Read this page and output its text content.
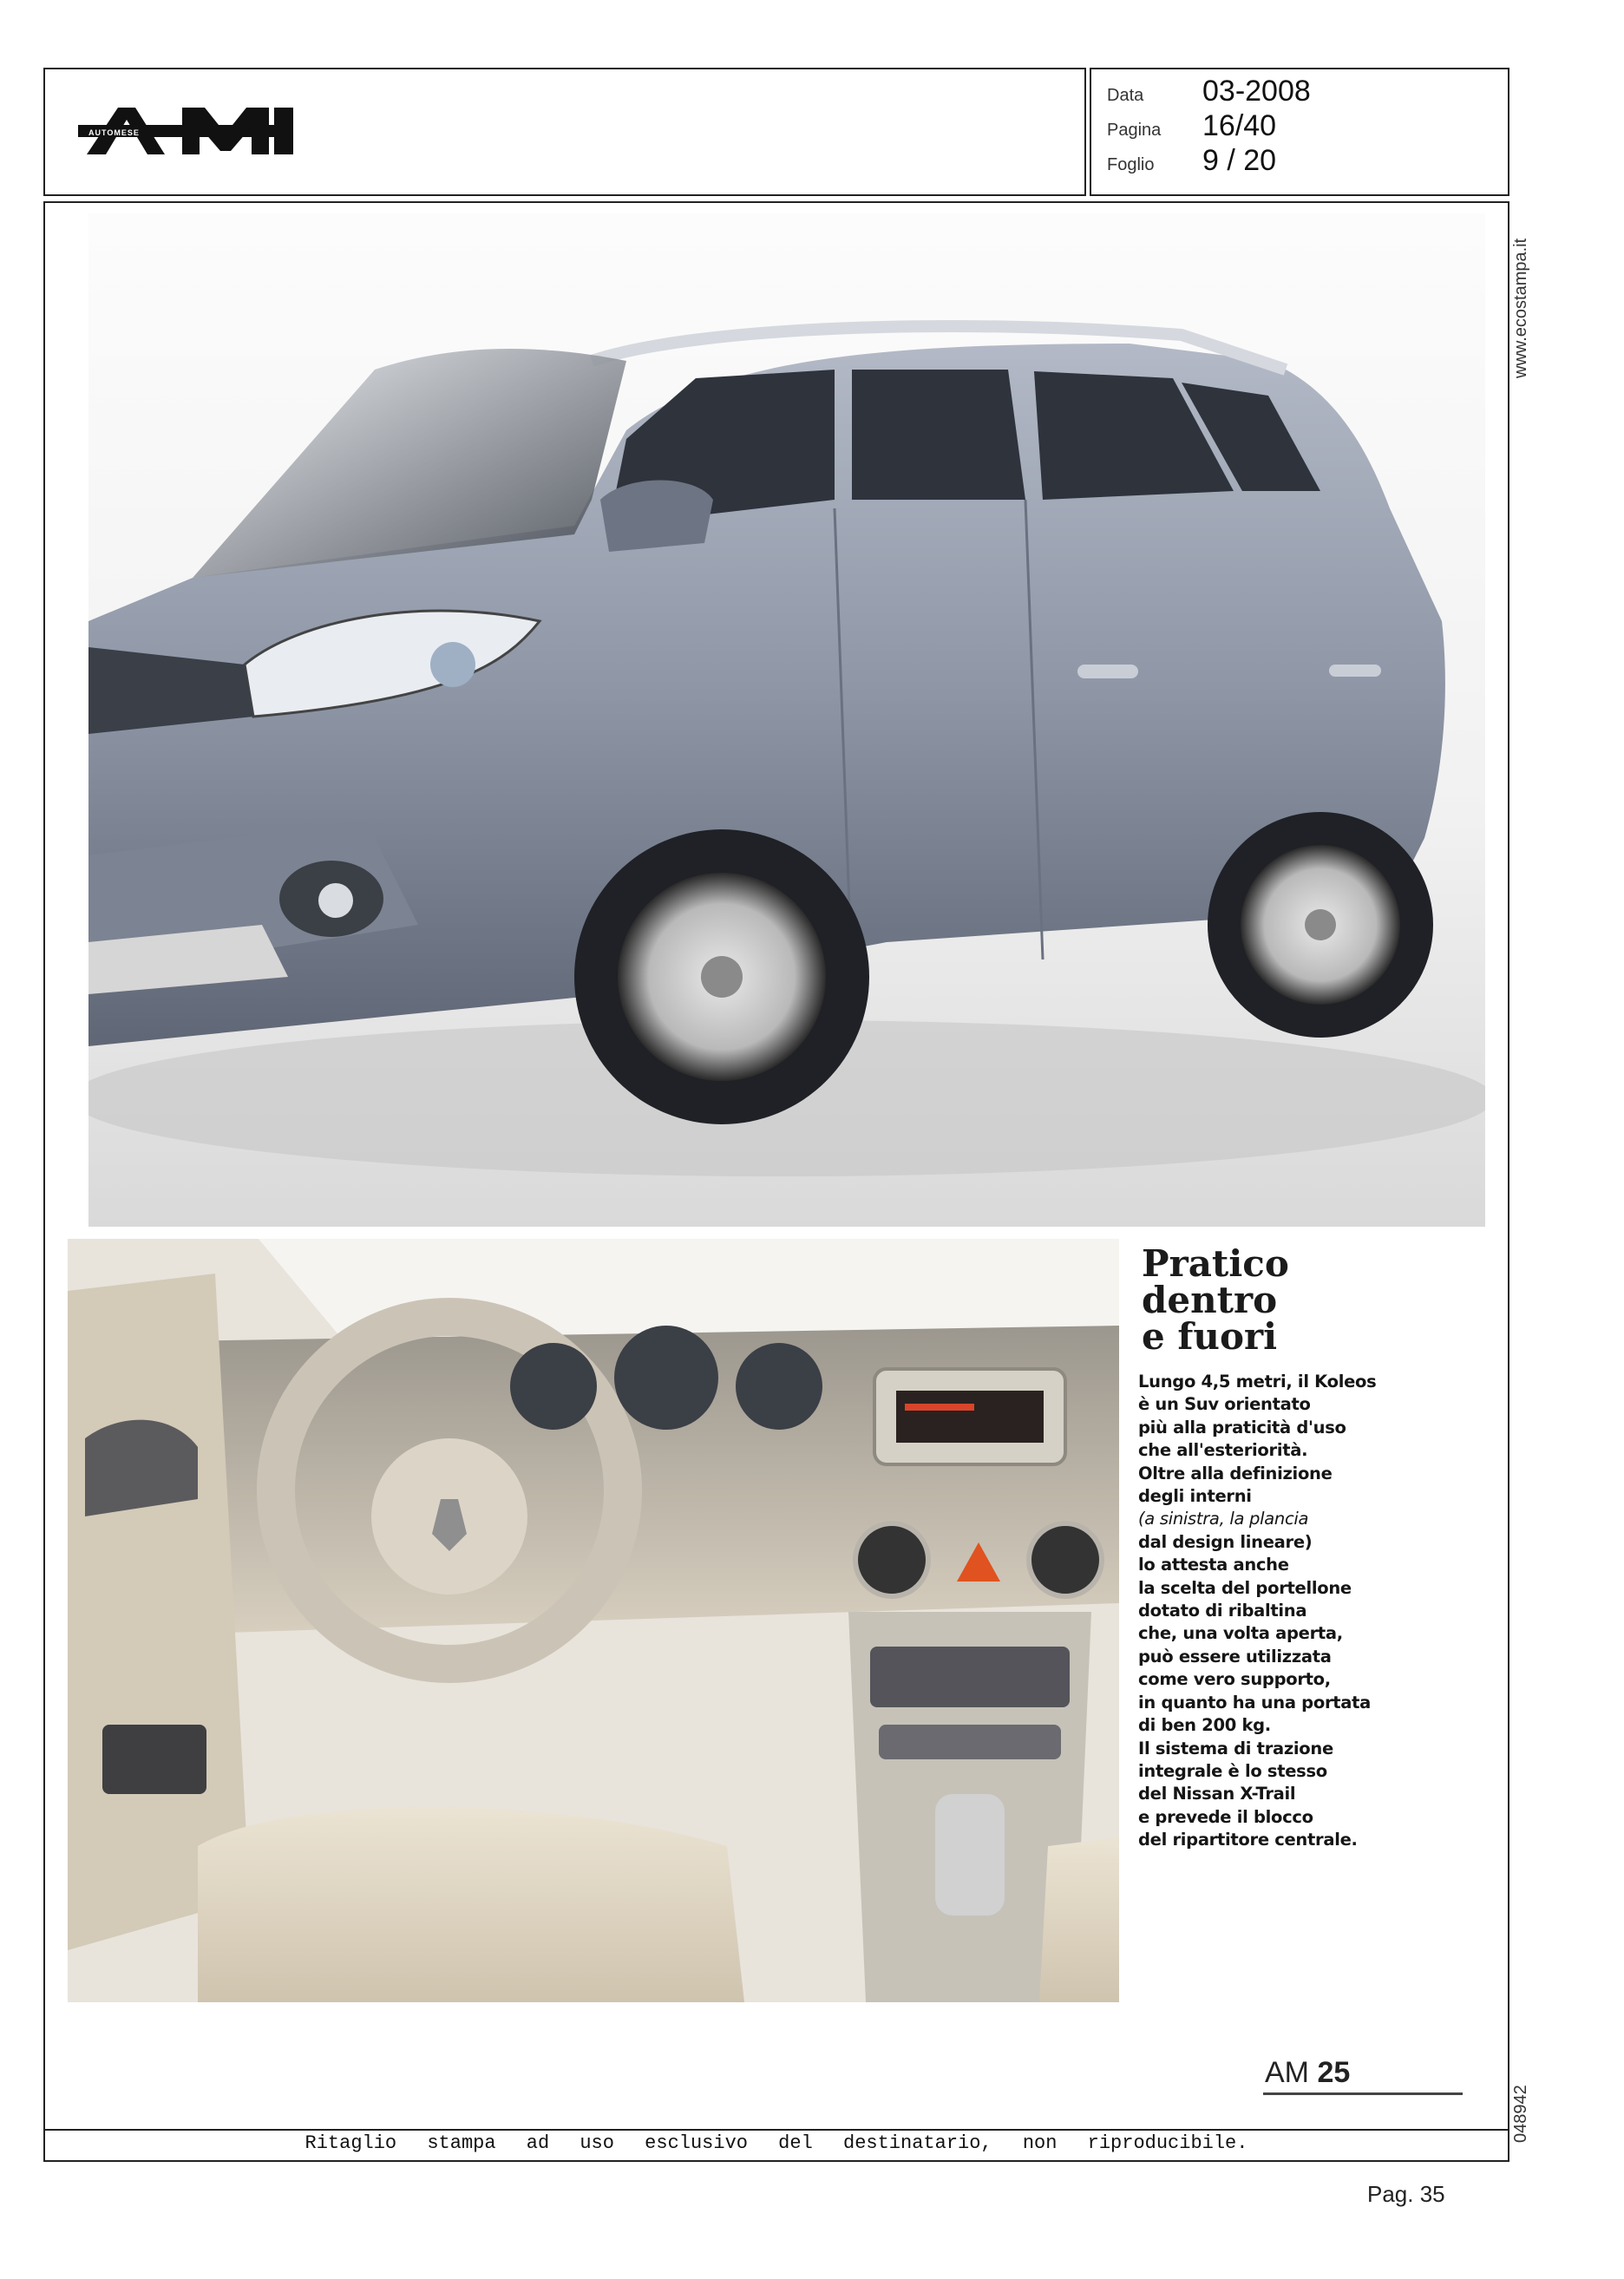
AUTOMESE
Data	03-2008
Pagina	16/40
Foglio	9 / 20
www.ecostampa.it
048942
Pratico
dentro
e fuori
Lungo 4,5 metri, il Koleos
è un Suv orientato
più alla praticità d'uso
che all'esteriorità.
Oltre alla definizione
degli interni
(a sinistra, la plancia
dal design lineare)
lo attesta anche
la scelta del portellone
dotato di ribaltina
che, una volta aperta,
può essere utilizzata
come vero supporto,
in quanto ha una portata
di ben 200 kg.
Il sistema di trazione
integrale è lo stesso
del Nissan X-Trail
e prevede il blocco
del ripartitore centrale.
AM 25
Ritaglio stampa ad uso esclusivo del destinatario, non riproducibile.
Pag. 35
